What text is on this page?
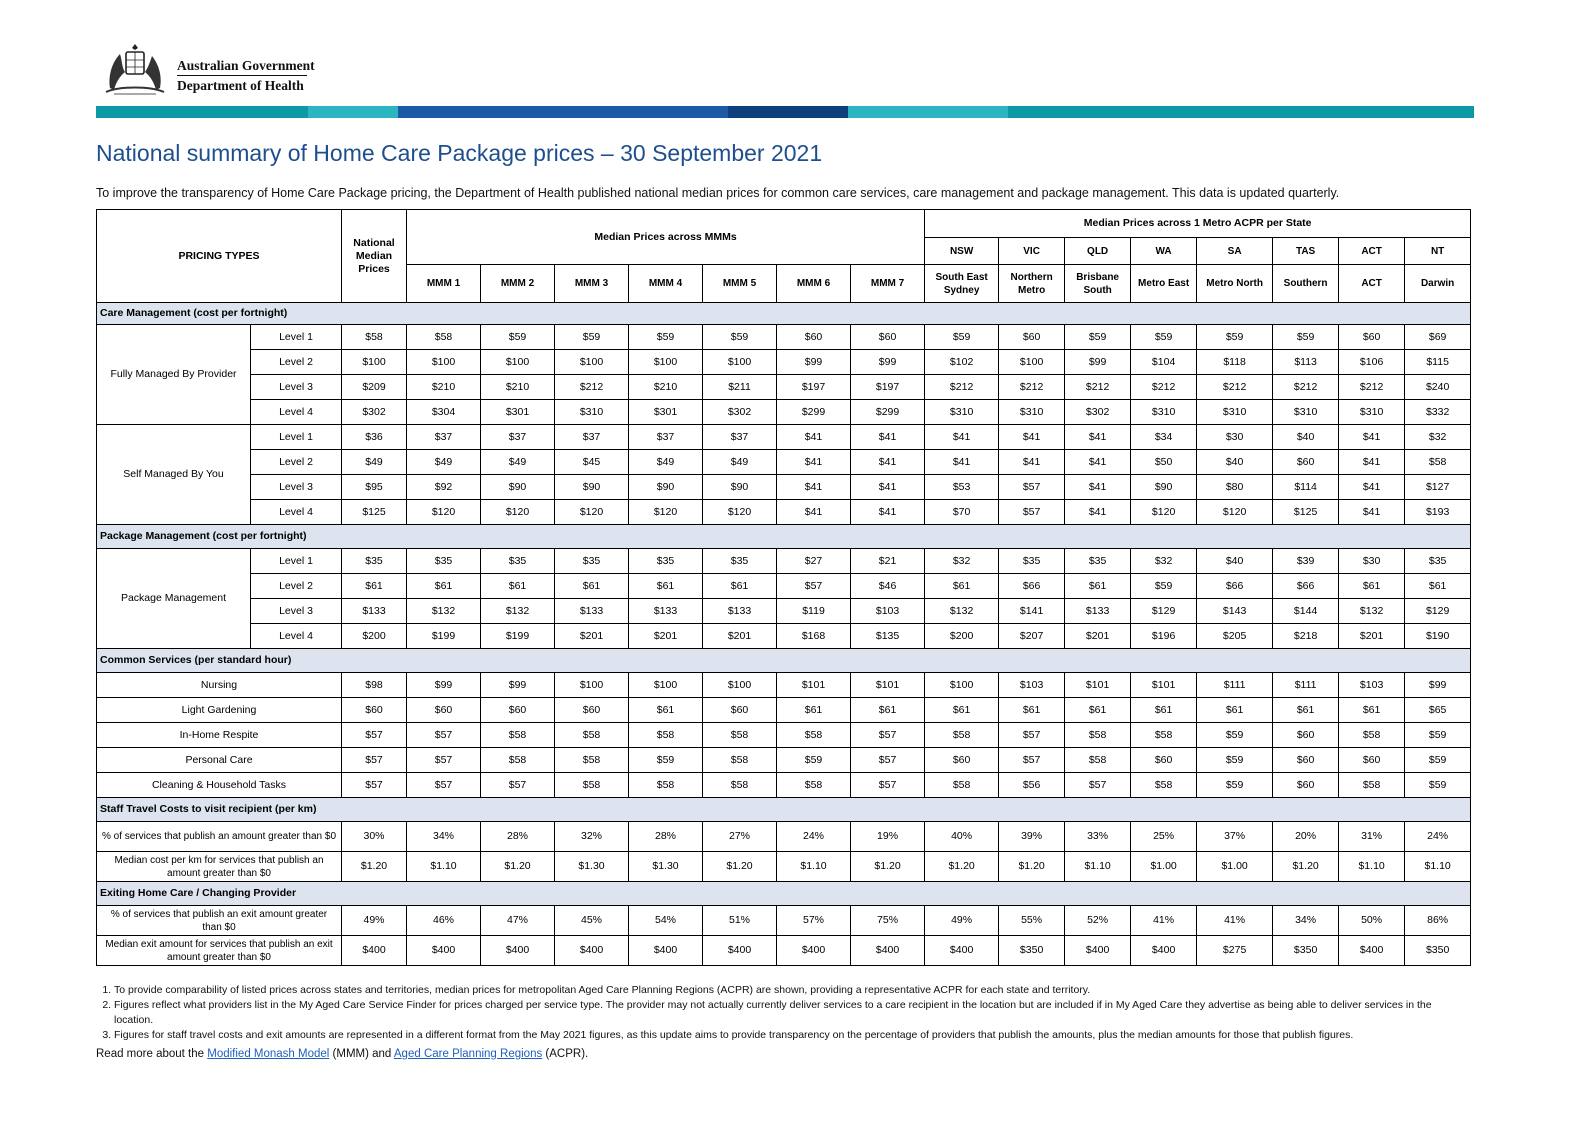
Australian Government
Department of Health
National summary of Home Care Package prices – 30 September 2021
To improve the transparency of Home Care Package pricing, the Department of Health published national median prices for common care services, care management and package management. This data is updated quarterly.
PRICING TYPES		National Median Prices	Median Prices across MMMs							Median Prices across 1 Metro ACPR per State							
										NSW	VIC	QLD	WA	SA	TAS	ACT	NT
			MMM 1	MMM 2	MMM 3	MMM 4	MMM 5	MMM 6	MMM 7	South East Sydney	Northern Metro	Brisbane South	Metro East	Metro North	Southern	ACT	Darwin
Care Management (cost per fortnight)																	
Fully Managed By Provider	Level 1	$58	$58	$59	$59	$59	$59	$60	$60	$59	$60	$59	$59	$59	$59	$60	$69
	Level 2	$100	$100	$100	$100	$100	$100	$99	$99	$102	$100	$99	$104	$118	$113	$106	$115
	Level 3	$209	$210	$210	$212	$210	$211	$197	$197	$212	$212	$212	$212	$212	$212	$212	$240
	Level 4	$302	$304	$301	$310	$301	$302	$299	$299	$310	$310	$302	$310	$310	$310	$310	$332
Self Managed By You	Level 1	$36	$37	$37	$37	$37	$37	$41	$41	$41	$41	$41	$34	$30	$40	$41	$32
	Level 2	$49	$49	$49	$45	$49	$49	$41	$41	$41	$41	$41	$50	$40	$60	$41	$58
	Level 3	$95	$92	$90	$90	$90	$90	$41	$41	$53	$57	$41	$90	$80	$114	$41	$127
	Level 4	$125	$120	$120	$120	$120	$120	$41	$41	$70	$57	$41	$120	$120	$125	$41	$193
Package Management (cost per fortnight)																	
Package Management	Level 1	$35	$35	$35	$35	$35	$35	$27	$21	$32	$35	$35	$32	$40	$39	$30	$35
	Level 2	$61	$61	$61	$61	$61	$61	$57	$46	$61	$66	$61	$59	$66	$66	$61	$61
	Level 3	$133	$132	$132	$133	$133	$133	$119	$103	$132	$141	$133	$129	$143	$144	$132	$129
	Level 4	$200	$199	$199	$201	$201	$201	$168	$135	$200	$207	$201	$196	$205	$218	$201	$190
Common Services (per standard hour)																	
Nursing		$98	$99	$99	$100	$100	$100	$101	$101	$100	$103	$101	$101	$111	$111	$103	$99
Light Gardening		$60	$60	$60	$60	$61	$60	$61	$61	$61	$61	$61	$61	$61	$61	$61	$65
In-Home Respite		$57	$57	$58	$58	$58	$58	$58	$57	$58	$57	$58	$58	$59	$60	$58	$59
Personal Care		$57	$57	$58	$58	$59	$58	$59	$57	$60	$57	$58	$60	$59	$60	$60	$59
Cleaning & Household Tasks		$57	$57	$57	$58	$58	$58	$58	$57	$58	$56	$57	$58	$59	$60	$58	$59
Staff Travel Costs to visit recipient (per km)																	
% of services that publish an amount greater than $0		30%	34%	28%	32%	28%	27%	24%	19%	40%	39%	33%	25%	37%	20%	31%	24%
Median cost per km for services that publish an amount greater than $0		$1.20	$1.10	$1.20	$1.30	$1.30	$1.20	$1.10	$1.20	$1.20	$1.20	$1.10	$1.00	$1.00	$1.20	$1.10	$1.10
Exiting Home Care / Changing Provider																	
% of services that publish an exit amount greater than $0		49%	46%	47%	45%	54%	51%	57%	75%	49%	55%	52%	41%	41%	34%	50%	86%
Median exit amount for services that publish an exit amount greater than $0		$400	$400	$400	$400	$400	$400	$400	$400	$400	$350	$400	$400	$275	$350	$400	$350
1. To provide comparability of listed prices across states and territories, median prices for metropolitan Aged Care Planning Regions (ACPR) are shown, providing a representative ACPR for each state and territory.
2. Figures reflect what providers list in the My Aged Care Service Finder for prices charged per service type. The provider may not actually currently deliver services to a care recipient in the location but are included if in My Aged Care they advertise as being able to deliver services in the location.
3. Figures for staff travel costs and exit amounts are represented in a different format from the May 2021 figures, as this update aims to provide transparency on the percentage of providers that publish the amounts, plus the median amounts for those that publish figures.
Read more about the Modified Monash Model (MMM) and Aged Care Planning Regions (ACPR).
